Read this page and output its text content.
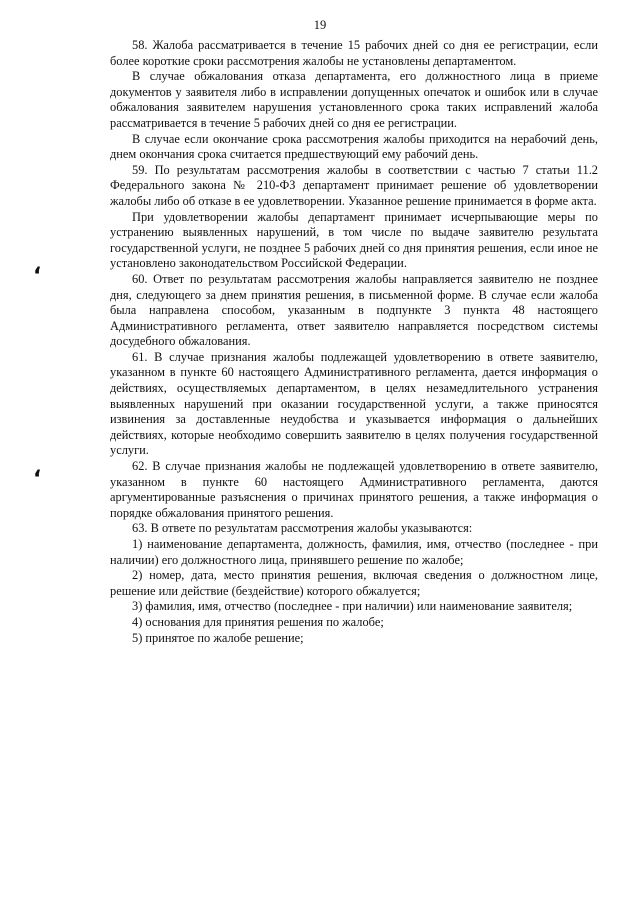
19
‘
‘

58. Жалоба рассматривается в течение 15 рабочих дней со дня ее регистрации, если более короткие сроки рассмотрения жалобы не установлены департаментом.

В случае обжалования отказа департамента, его должностного лица в приеме документов у заявителя либо в исправлении допущенных опечаток и ошибок или в случае обжалования заявителем нарушения установленного срока таких исправлений жалоба рассматривается в течение 5 рабочих дней со дня ее регистрации.

В случае если окончание срока рассмотрения жалобы приходится на нерабочий день, днем окончания срока считается предшествующий ему рабочий день.

59. По результатам рассмотрения жалобы в соответствии с частью 7 статьи 11.2 Федерального закона № 210-ФЗ департамент принимает решение об удовлетворении жалобы либо об отказе в ее удовлетворении. Указанное решение принимается в форме акта.

При удовлетворении жалобы департамент принимает исчерпывающие меры по устранению выявленных нарушений, в том числе по выдаче заявителю результата государственной услуги, не позднее 5 рабочих дней со дня принятия решения, если иное не установлено законодательством Российской Федерации.

60. Ответ по результатам рассмотрения жалобы направляется заявителю не позднее дня, следующего за днем принятия решения, в письменной форме. В случае если жалоба была направлена способом, указанным в подпункте 3 пункта 48 настоящего Административного регламента, ответ заявителю направляется посредством системы досудебного обжалования.

61. В случае признания жалобы подлежащей удовлетворению в ответе заявителю, указанном в пункте 60 настоящего Административного регламента, дается информация о действиях, осуществляемых департаментом, в целях незамедлительного устранения выявленных нарушений при оказании государственной услуги, а также приносятся извинения за доставленные неудобства и указывается информация о дальнейших действиях, которые необходимо совершить заявителю в целях получения государственной услуги.

62. В случае признания жалобы не подлежащей удовлетворению в ответе заявителю, указанном в пункте 60 настоящего Административного регламента, даются аргументированные разъяснения о причинах принятого решения, а также информация о порядке обжалования принятого решения.

63. В ответе по результатам рассмотрения жалобы указываются:

1) наименование департамента, должность, фамилия, имя, отчество (последнее - при наличии) его должностного лица, принявшего решение по жалобе;

2) номер, дата, место принятия решения, включая сведения о должностном лице, решение или действие (бездействие) которого обжалуется;

3) фамилия, имя, отчество (последнее - при наличии) или наименование заявителя;

4) основания для принятия решения по жалобе;

5) принятое по жалобе решение;
